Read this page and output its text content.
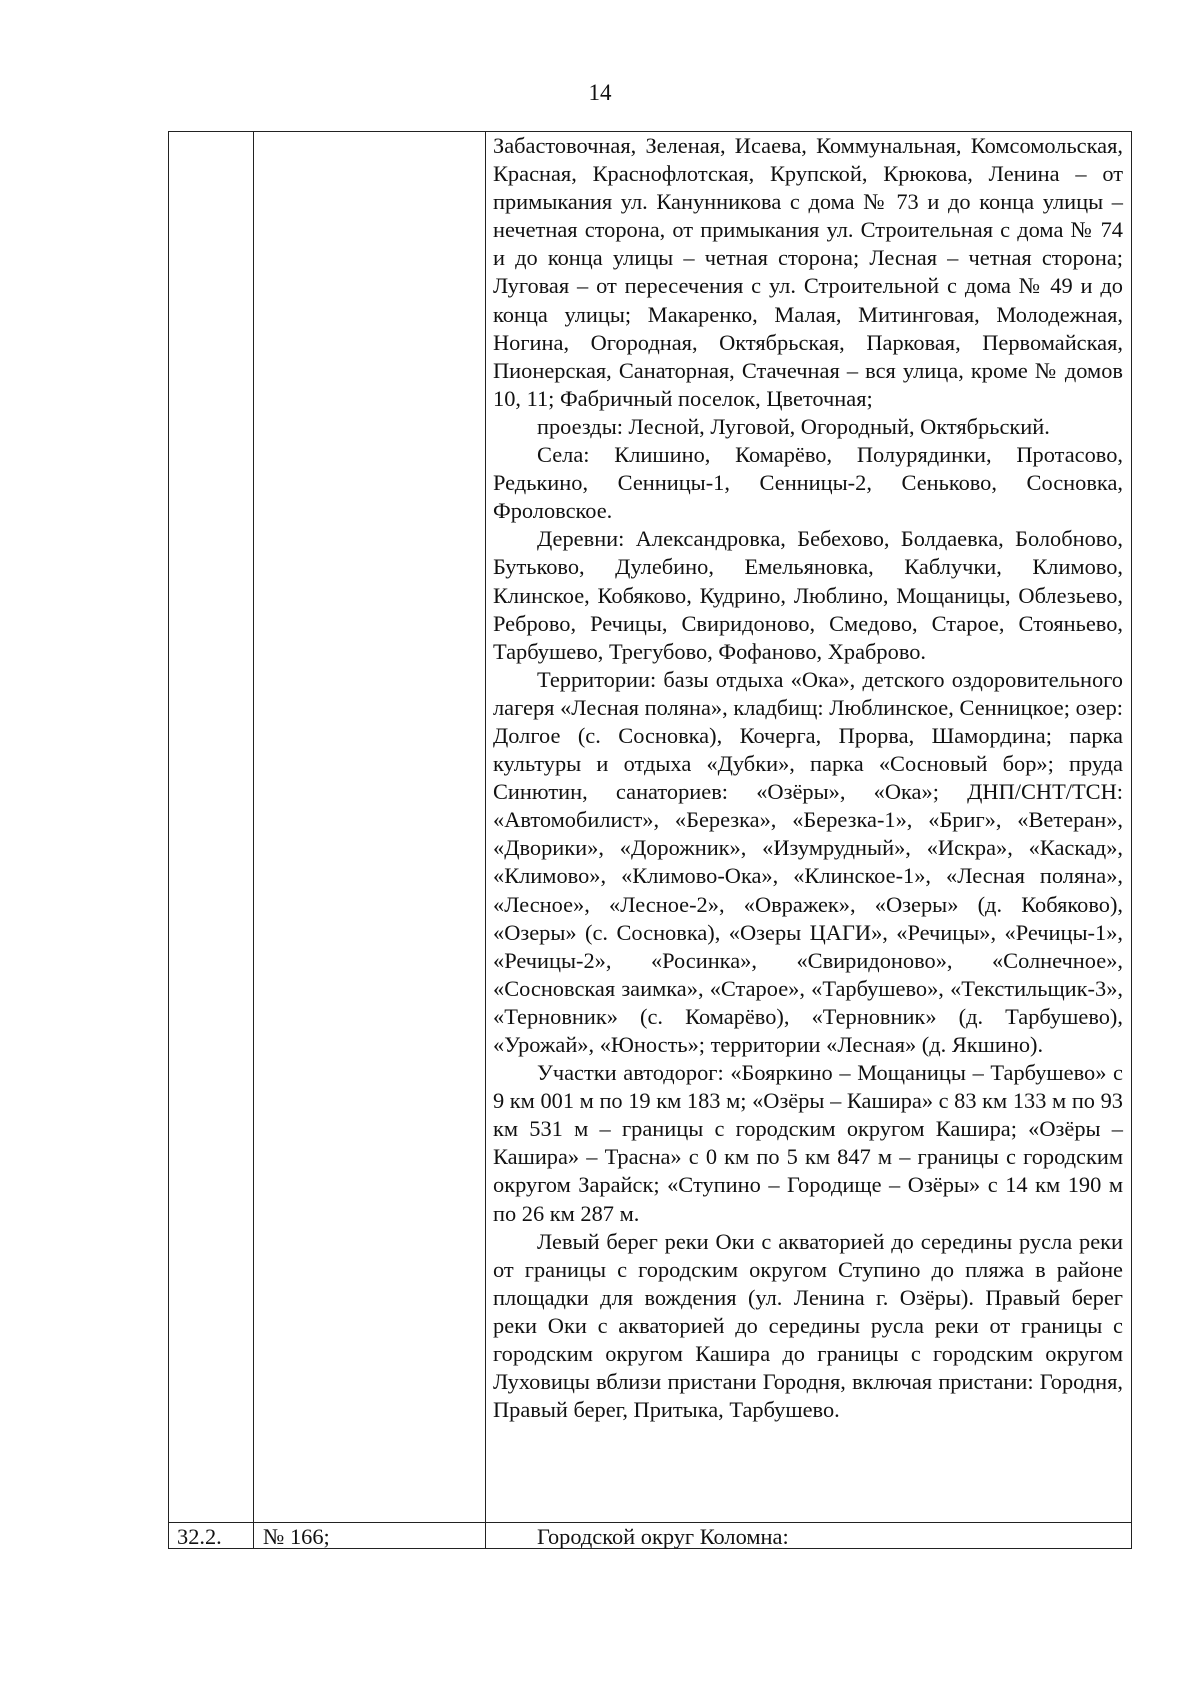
14

Забастовочная, Зеленая, Исаева, Коммунальная, Комсомольская, Красная, Краснофлотская, Крупской, Крюкова, Ленина – от примыкания ул. Канунникова с дома № 73 и до конца улицы – нечетная сторона, от примыкания ул. Строительная с дома № 74 и до конца улицы – четная сторона; Лесная – четная сторона; Луговая – от пересечения с ул. Строительной с дома № 49 и до конца улицы; Макаренко, Малая, Митинговая, Молодежная, Ногина, Огородная, Октябрьская, Парковая, Первомайская, Пионерская, Санаторная, Стачечная – вся улица, кроме № домов 10, 11; Фабричный поселок, Цветочная;

проезды: Лесной, Луговой, Огородный, Октябрьский.

Села: Клишино, Комарёво, Полурядинки, Протасово, Редькино, Сенницы-1, Сенницы-2, Сеньково, Сосновка, Фроловское.

Деревни: Александровка, Бебехово, Болдаевка, Болобново, Бутьково, Дулебино, Емельяновка, Каблучки, Климово, Клинское, Кобяково, Кудрино, Люблино, Мощаницы, Облезьево, Реброво, Речицы, Свиридоново, Смедово, Старое, Стояньево, Тарбушево, Трегубово, Фофаново, Храброво.

Территории: базы отдыха «Ока», детского оздоровительного лагеря «Лесная поляна», кладбищ: Люблинское, Сенницкое; озер: Долгое (с. Сосновка), Кочерга, Прорва, Шамордина; парка культуры и отдыха «Дубки», парка «Сосновый бор»; пруда Синютин, санаториев: «Озёры», «Ока»; ДНП/СНТ/ТСН: «Автомобилист», «Березка», «Березка-1», «Бриг», «Ветеран», «Дворики», «Дорожник», «Изумрудный», «Искра», «Каскад», «Климово», «Климово-Ока», «Клинское-1», «Лесная поляна», «Лесное», «Лесное-2», «Овражек», «Озеры» (д. Кобяково), «Озеры» (с. Сосновка), «Озеры ЦАГИ», «Речицы», «Речицы-1», «Речицы-2», «Росинка», «Свиридоново», «Солнечное», «Сосновская заимка», «Старое», «Тарбушево», «Текстильщик-3», «Терновник» (с. Комарёво), «Терновник» (д. Тарбушево), «Урожай», «Юность»; территории «Лесная» (д. Якшино).

Участки автодорог: «Бояркино – Мощаницы – Тарбушево» с 9 км 001 м по 19 км 183 м; «Озёры – Кашира» с 83 км 133 м по 93 км 531 м – границы с городским округом Кашира; «Озёры – Кашира» – Трасна» с 0 км по 5 км 847 м – границы с городским округом Зарайск; «Ступино – Городище – Озёры» с 14 км 190 м по 26 км 287 м.

Левый берег реки Оки с акваторией до середины русла реки от границы с городским округом Ступино до пляжа в районе площадки для вождения (ул. Ленина г. Озёры). Правый берег реки Оки с акваторией до середины русла реки от границы с городским округом Кашира до границы с городским округом Луховицы вблизи пристани Городня, включая пристани: Городня, Правый берег, Притыка, Тарбушево.

32.2. № 166;	Городской округ Коломна:
